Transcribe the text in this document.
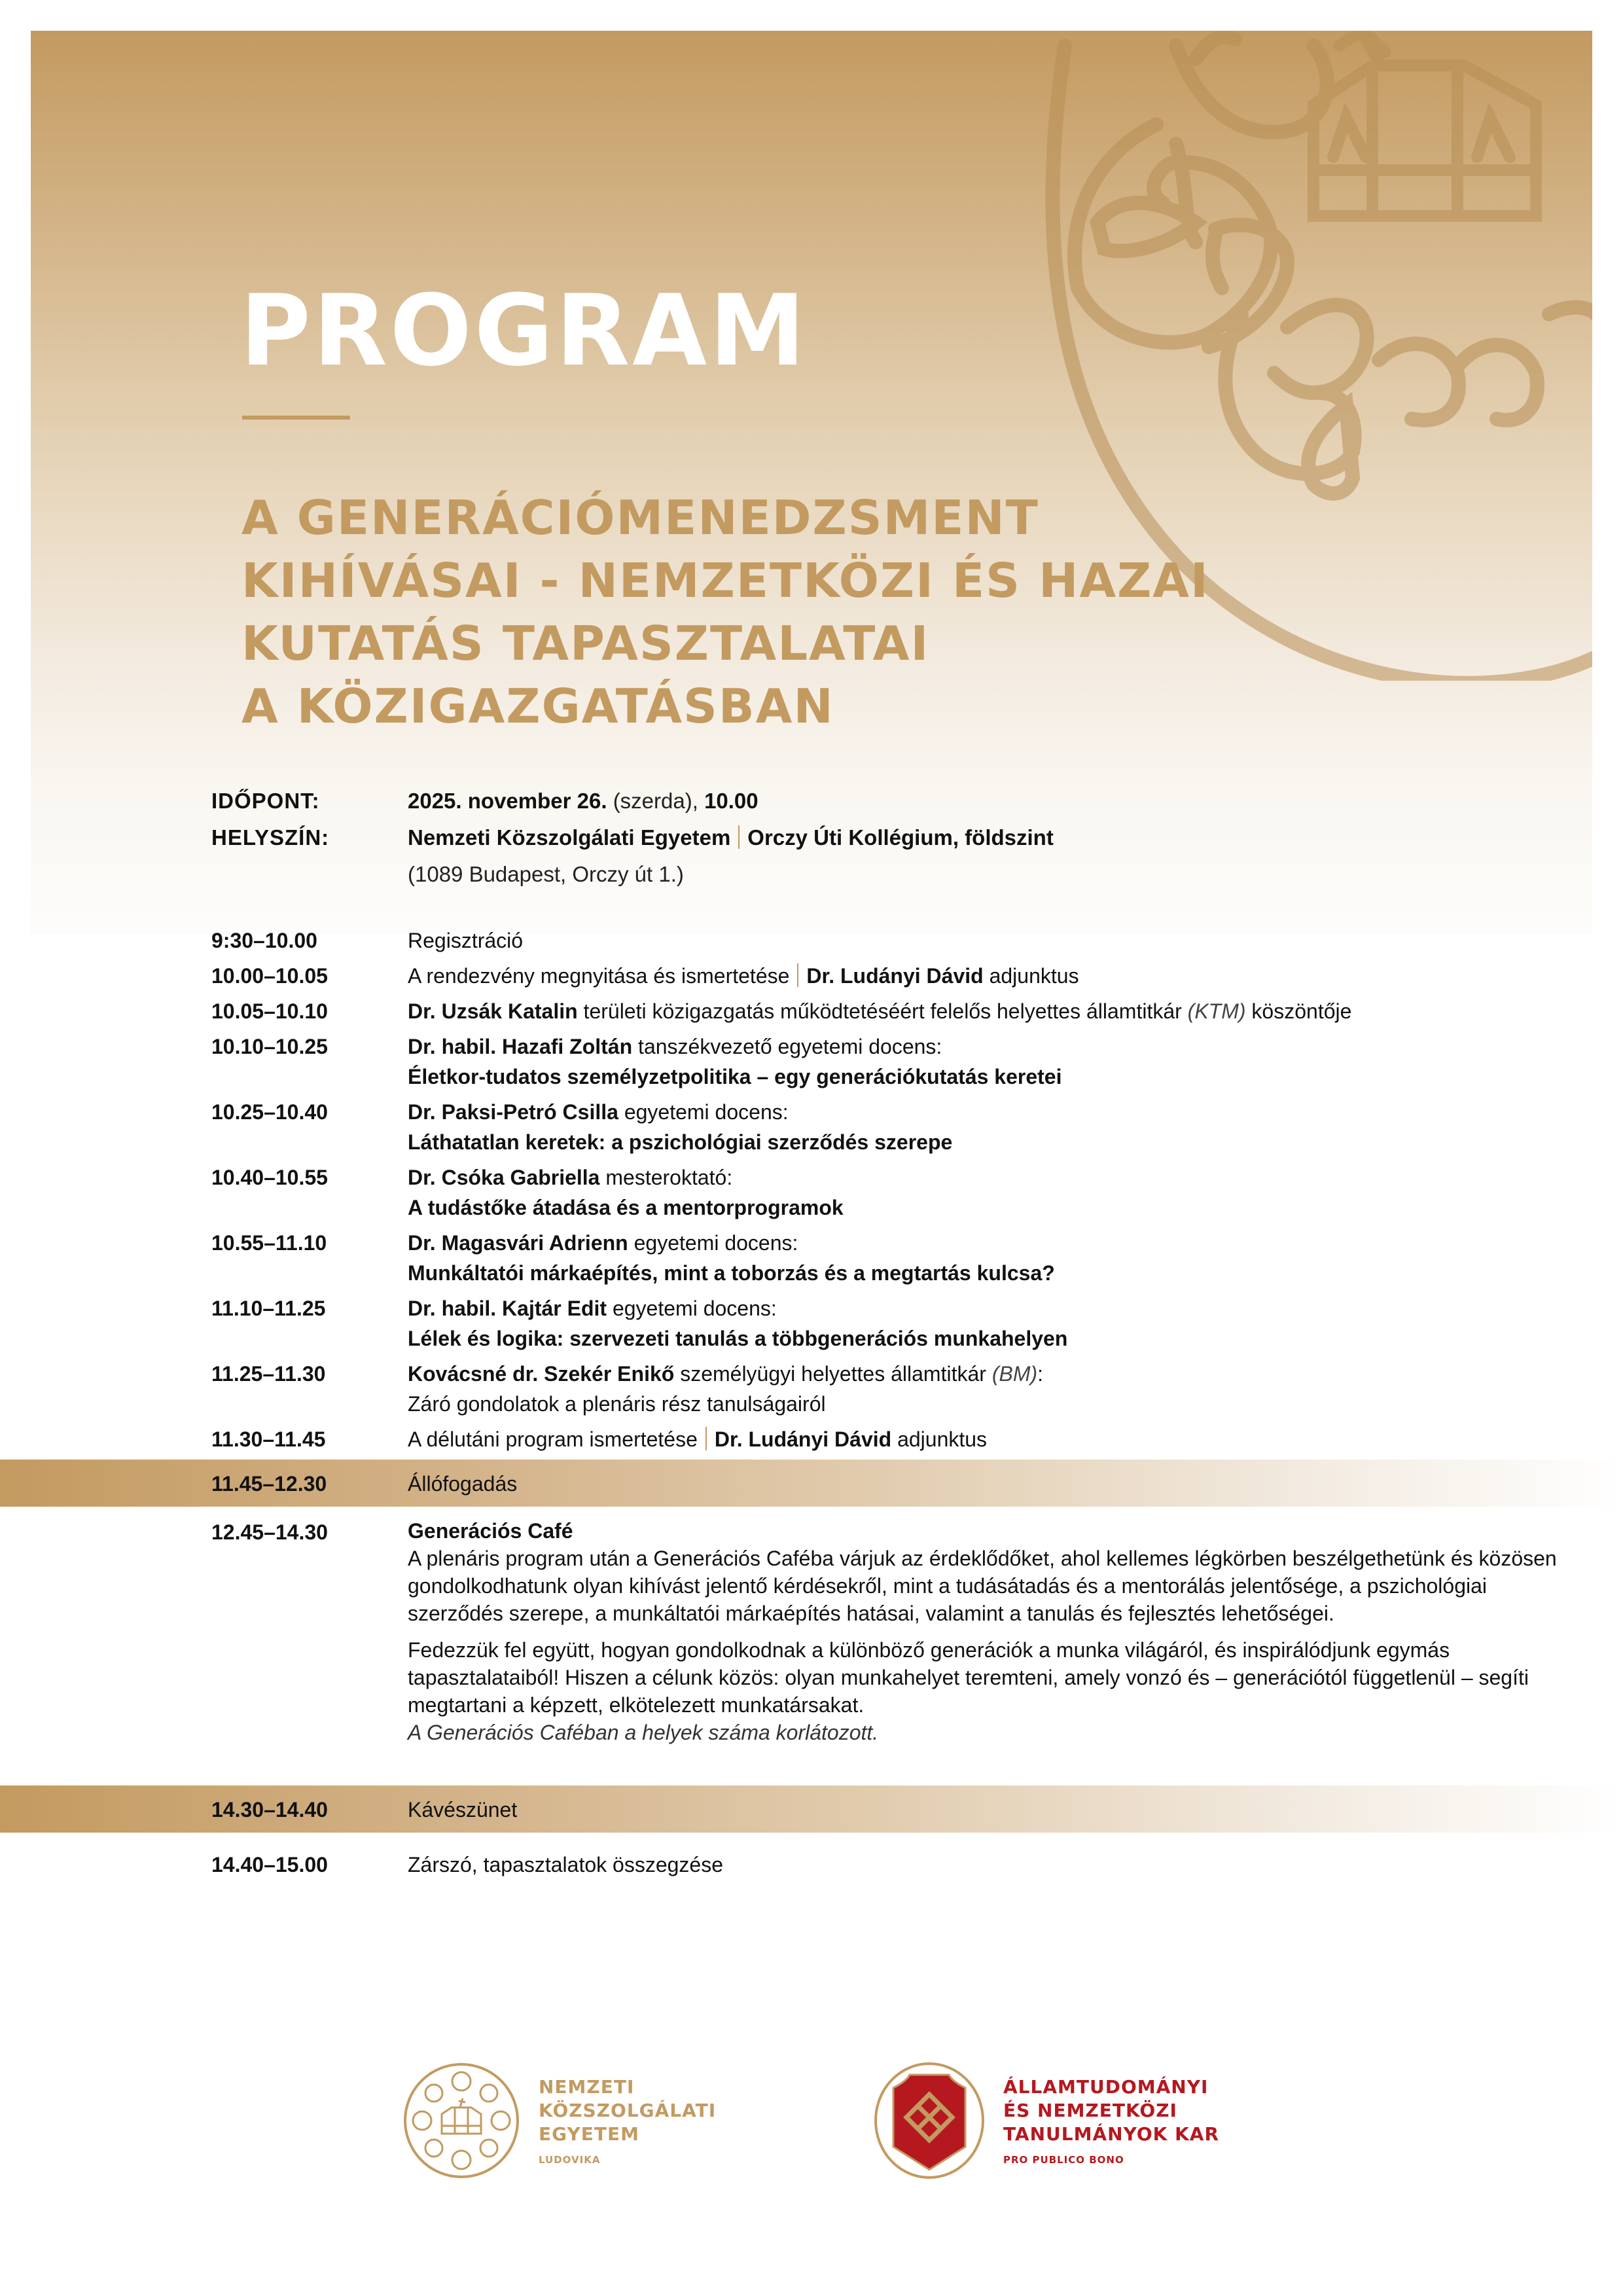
PROGRAM
A GENERÁCIÓMENEDZSMENT
KIHÍVÁSAI - NEMZETKÖZI ÉS HAZAI
KUTATÁS TAPASZTALATAI
A KÖZIGAZGATÁSBAN
IDŐPONT:	2025. november 26. (szerda), 10.00
HELYSZÍN:	Nemzeti Közszolgálati Egyetem Orczy Úti Kollégium, földszint
(1089 Budapest, Orczy út 1.)
9:30–10.00	Regisztráció
10.00–10.05	A rendezvény megnyitása és ismertetése Dr. Ludányi Dávid adjunktus
10.05–10.10	Dr. Uzsák Katalin területi közigazgatás működtetéséért felelős helyettes államtitkár (KTM) köszöntője
10.10–10.25	Dr. habil. Hazafi Zoltán tanszékvezető egyetemi docens:
Életkor-tudatos személyzetpolitika – egy generációkutatás keretei
10.25–10.40	Dr. Paksi-Petró Csilla egyetemi docens:
Láthatatlan keretek: a pszichológiai szerződés szerepe
10.40–10.55	Dr. Csóka Gabriella mesteroktató:
A tudástőke átadása és a mentorprogramok
10.55–11.10	Dr. Magasvári Adrienn egyetemi docens:
Munkáltatói márkaépítés, mint a toborzás és a megtartás kulcsa?
11.10–11.25	Dr. habil. Kajtár Edit egyetemi docens:
Lélek és logika: szervezeti tanulás a többgenerációs munkahelyen
11.25–11.30	Kovácsné dr. Szekér Enikő személyügyi helyettes államtitkár (BM):
Záró gondolatok a plenáris rész tanulságairól
11.30–11.45	A délutáni program ismertetése Dr. Ludányi Dávid adjunktus
11.45–12.30	Állófogadás
12.45–14.30	Generációs Café

A plenáris program után a Generációs Caféba várjuk az érdeklődőket, ahol kellemes légkörben beszélgethetünk és közösen gondolkodhatunk olyan kihívást jelentő kérdésekről, mint a tudásátadás és a mentorálás jelentősége, a pszichológiai szerződés szerepe, a munkáltatói márkaépítés hatásai, valamint a tanulás és fejlesztés lehetőségei.

Fedezzük fel együtt, hogyan gondolkodnak a különböző generációk a munka világáról, és inspirálódjunk egymás tapasztalataiból! Hiszen a célunk közös: olyan munkahelyet teremteni, amely vonzó és – generációtól függetlenül – segíti megtartani a képzett, elkötelezett munkatársakat.

A Generációs Caféban a helyek száma korlátozott.
14.30–14.40	Kávészünet
14.40–15.00	Zárszó, tapasztalatok összegzése
NEMZETI
KÖZSZOLGÁLATI
EGYETEM
LUDOVIKA
ÁLLAMTUDOMÁNYI
ÉS NEMZETKÖZI
TANULMÁNYOK KAR
PRO PUBLICO BONO
